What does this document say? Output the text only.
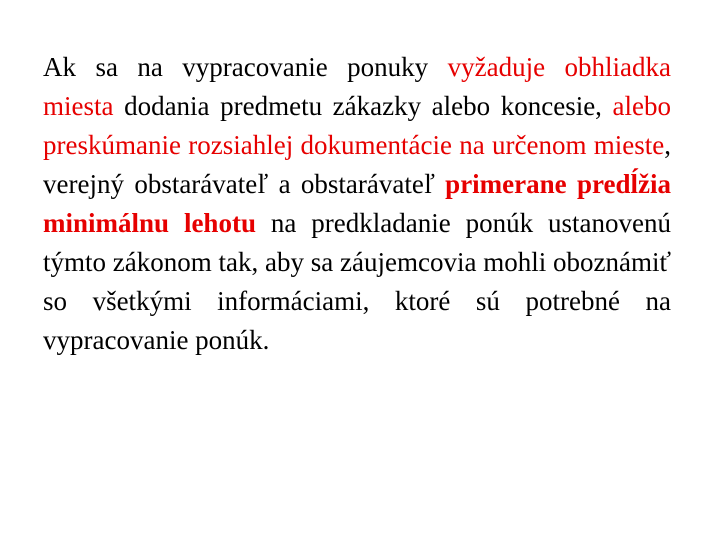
Ak sa na vypracovanie ponuky vyžaduje obhliadka miesta dodania predmetu zákazky alebo koncesie, alebo preskúmanie rozsiahlej dokumentácie na určenom mieste, verejný obstarávateľ a obstarávateľ primerane predĺžia minimálnu lehotu na predkladanie ponúk ustanovenú týmto zákonom tak, aby sa záujemcovia mohli oboznámiť so všetkými informáciami, ktoré sú potrebné na vypracovanie ponúk.
